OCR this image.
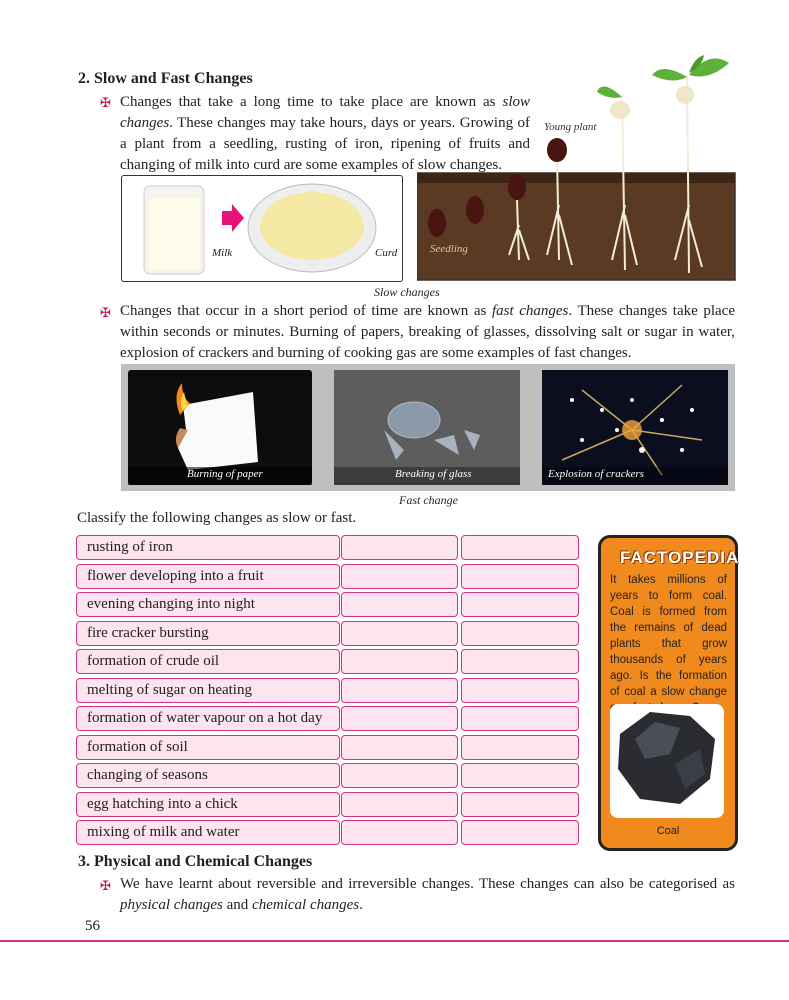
2. Slow and Fast Changes
✠ Changes that take a long time to take place are known as slow changes. These changes may take hours, days or years. Growing of a plant from a seedling, rusting of iron, ripening of fruits and changing of milk into curd are some examples of slow changes.
Young plant
Plant
Seedling
Milk	Curd
Slow changes
✠ Changes that occur in a short period of time are known as fast changes. These changes take place within seconds or minutes. Burning of papers, breaking of glasses, dissolving salt or sugar in water, explosion of crackers and burning of cooking gas are some examples of fast changes.
Burning of paper	Breaking of glass	Explosion of crackers
Fast change
Classify the following changes as slow or fast.
rusting of iron
flower developing into a fruit
evening changing into night
fire cracker bursting
formation of crude oil
melting of sugar on heating
formation of water vapour on a hot day
formation of soil
changing of seasons
egg hatching into a chick
mixing of milk and water
FACTOPEDIA
It takes millions of years to form coal. Coal is formed from the remains of dead plants that grow thousands of years ago. Is the formation of coal a slow change
Coal
3. Physical and Chemical Changes
✠ We have learnt about reversible and irreversible changes. These changes can also be categorised as physical changes and chemical changes.
56
